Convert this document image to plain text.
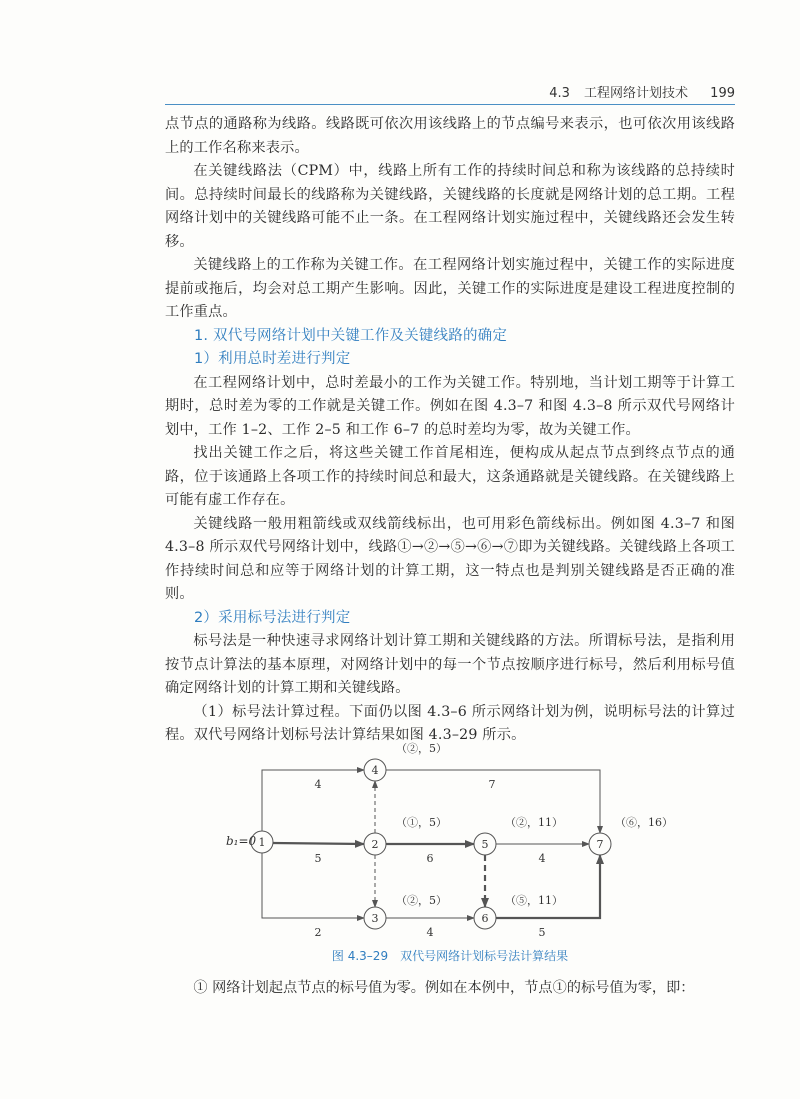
4.3 工程网络计划技术 199

点节点的通路称为线路。线路既可依次用该线路上的节点编号来表示，也可依次用该线路上的工作名称来表示。

在关键线路法（CPM）中，线路上所有工作的持续时间总和称为该线路的总持续时间。总持续时间最长的线路称为关键线路，关键线路的长度就是网络计划的总工期。工程网络计划中的关键线路可能不止一条。在工程网络计划实施过程中，关键线路还会发生转移。

关键线路上的工作称为关键工作。在工程网络计划实施过程中，关键工作的实际进度提前或拖后，均会对总工期产生影响。因此，关键工作的实际进度是建设工程进度控制的工作重点。

1. 双代号网络计划中关键工作及关键线路的确定
1）利用总时差进行判定

在工程网络计划中，总时差最小的工作为关键工作。特别地，当计划工期等于计算工期时，总时差为零的工作就是关键工作。例如在图 4.3–7 和图 4.3–8 所示双代号网络计划中，工作 1–2、工作 2–5 和工作 6–7 的总时差均为零，故为关键工作。

找出关键工作之后，将这些关键工作首尾相连，便构成从起点节点到终点节点的通路，位于该通路上各项工作的持续时间总和最大，这条通路就是关键线路。在关键线路上可能有虚工作存在。

关键线路一般用粗箭线或双线箭线标出，也可用彩色箭线标出。例如图 4.3–7 和图 4.3–8 所示双代号网络计划中，线路①→②→⑤→⑥→⑦即为关键线路。关键线路上各项工作持续时间总和应等于网络计划的计算工期，这一特点也是判别关键线路是否正确的准则。

2）采用标号法进行判定

标号法是一种快速寻求网络计划计算工期和关键线路的方法。所谓标号法，是指利用按节点计算法的基本原理，对网络计划中的每一个节点按顺序进行标号，然后利用标号值确定网络计划的计算工期和关键线路。

（1）标号法计算过程。下面仍以图 4.3–6 所示网络计划为例，说明标号法的计算过程。双代号网络计划标号法计算结果如图 4.3–29 所示。

4
5
2
6
7
4
4
5
1	2
（①，5）
3
（②，5）
4
（②，5）
5
（②，11）
6
（⑤，11）
7
（⑥，16）
b₁=0
图 4.3–29　双代号网络计划标号法计算结果
① 网络计划起点节点的标号值为零。例如在本例中，节点①的标号值为零，即：
